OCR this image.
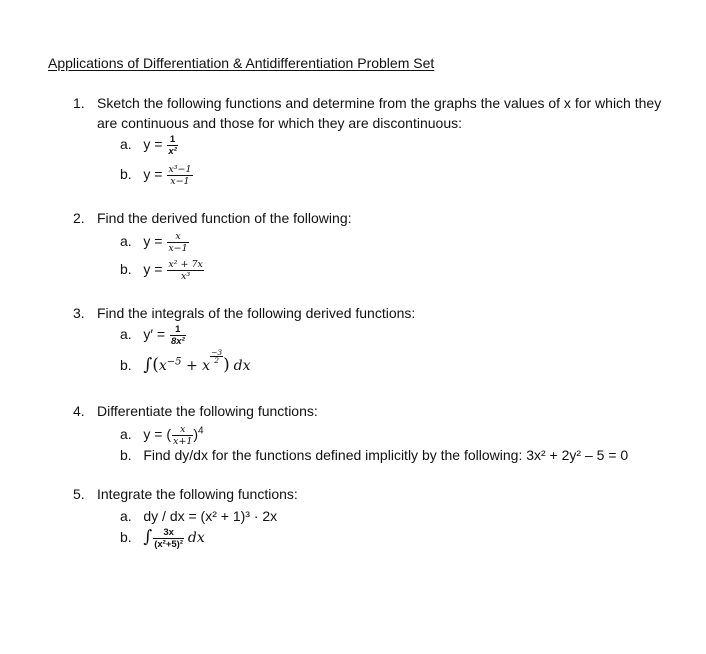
Applications of Differentiation & Antidifferentiation Problem Set
1. Sketch the following functions and determine from the graphs the values of x for which they are continuous and those for which they are discontinuous:
a. $y = \frac{1}{\text{x²}}$
b. $y = \frac{\text{x³−1}}{x-1}$
2. Find the derived function of the following:
a. $y = \frac{x}{x-1}$
b. $y = \frac{\text{x² + 7x}}{\text{x³}}$
3. Find the integrals of the following derived functions:
a. $y' = \frac{1}{\text{8x²}}$
b. $\int(x^{-5} + x$
$\frac{-3}{2}$) dx
4. Differentiate the following functions:
a. y = ( $\frac{x}{x+1} )^4$
b. Find dy/dx for the functions defined implicitly by the following: 3x² + 2y² – 5 = 0
5. Integrate the following functions:
a. dy / dx = (x² + 1)³ · 2x
b. ∫ $\frac{3x}{\text{(x²+5)²}}$ dx
